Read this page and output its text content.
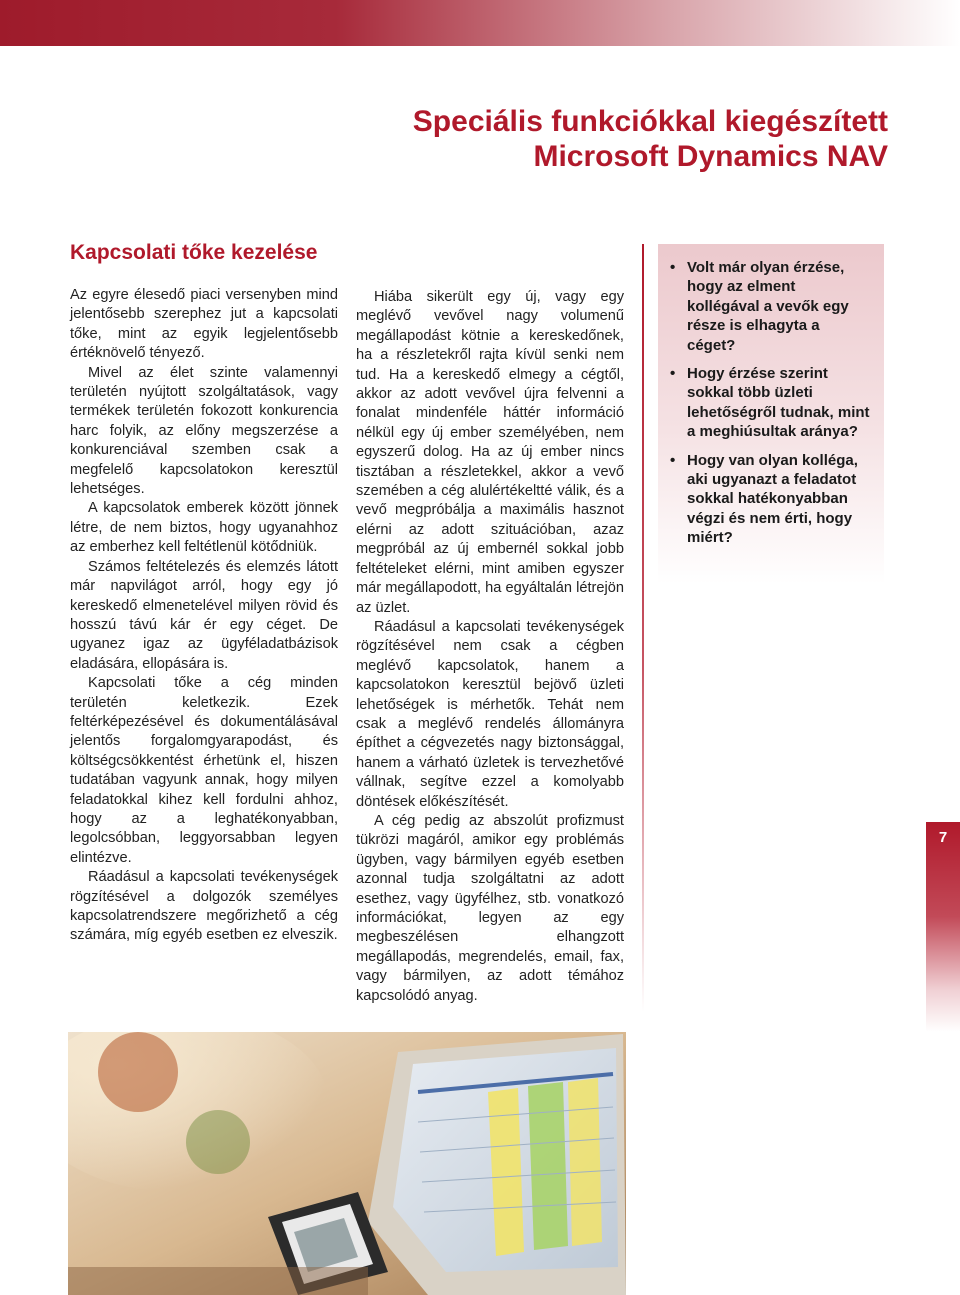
Speciális funkciókkal kiegészített
Microsoft Dynamics NAV
Kapcsolati tőke kezelése

Az egyre élesedő piaci versenyben mind jelentősebb szerephez jut a kapcsolati tőke, mint az egyik legjelentősebb értéknövelő tényező.

Mivel az élet szinte valamennyi területén nyújtott szolgáltatások, vagy termékek területén fokozott konkurencia harc folyik, az előny megszerzése a konkurenciával szemben csak a megfelelő kapcsolatokon keresztül lehetséges.

A kapcsolatok emberek között jönnek létre, de nem biztos, hogy ugyanahhoz az emberhez kell feltétlenül kötődniük.

Számos feltételezés és elemzés látott már napvilágot arról, hogy egy jó kereskedő elmenetelével milyen rövid és hosszú távú kár ér egy céget. De ugyanez igaz az ügyféladatbázisok eladására, ellopására is.

Kapcsolati tőke a cég minden területén keletkezik. Ezek feltérképezésével és dokumentálásával jelentős forgalomgyarapodást, és költségcsökkentést érhetünk el, hiszen tudatában vagyunk annak, hogy milyen feladatokkal kihez kell fordulni ahhoz, hogy az a leghatékonyabban, legolcsóbban, leggyorsabban legyen elintézve.

Ráadásul a kapcsolati tevékenységek rögzítésével a dolgozók személyes kapcsolatrendszere megőrizhető a cég számára, míg egyéb esetben ez elveszik.

Hiába sikerült egy új, vagy egy meglévő vevővel nagy volumenű megállapodást kötnie a kereskedőnek, ha a részletekről rajta kívül senki nem tud. Ha a kereskedő elmegy a cégtől, akkor az adott vevővel újra felvenni a fonalat mindenféle háttér információ nélkül egy új ember személyében, nem egyszerű dolog. Ha az új ember nincs tisztában a részletekkel, akkor a vevő szemében a cég alulértékeltté válik, és a vevő megpróbálja a maximális hasznot elérni az adott szituációban, azaz megpróbál az új embernél sokkal jobb feltételeket elérni, mint amiben egyszer már megállapodott, ha egyáltalán létrejön az üzlet.

Ráadásul a kapcsolati tevékenységek rögzítésével nem csak a cégben meglévő kapcsolatok, hanem a kapcsolatokon keresztül bejövő üzleti lehetőségek is mérhetők. Tehát nem csak a meglévő rendelés állományra építhet a cégvezetés nagy biztonsággal, hanem a várható üzletek is tervezhetővé vállnak, segítve ezzel a komolyabb döntések előkészítését.

A cég pedig az abszolút profizmust tükrözi magáról, amikor egy problémás ügyben, vagy bármilyen egyéb esetben azonnal tudja szolgáltatni az adott esethez, vagy ügyfélhez, stb. vonatkozó információkat, legyen az egy megbeszélésen elhangzott megállapodás, megrendelés, email, fax, vagy bármilyen, az adott témához kapcsolódó anyag.

• Volt már olyan érzése, hogy az elment kollégával a vevők egy része is elhagyta a céget?
• Hogy érzése szerint sokkal több üzleti lehetőségről tudnak, mint a meghiúsultak aránya?
• Hogy van olyan kolléga, aki ugyanazt a feladatot sokkal hatékonyabban végzi és nem érti, hogy miért?
7
